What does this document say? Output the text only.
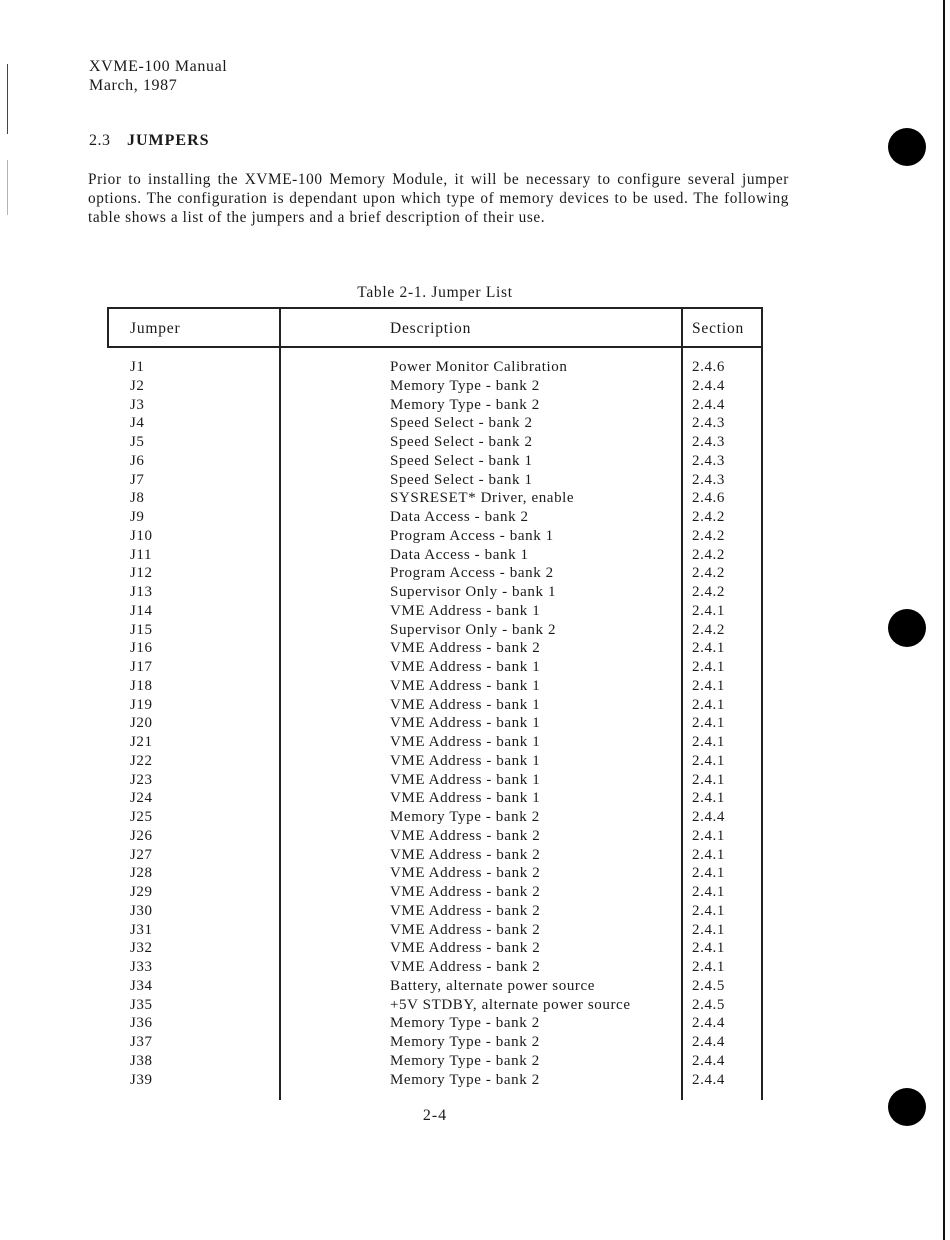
XVME-100 Manual
March, 1987
2.3 JUMPERS

Prior to installing the XVME-100 Memory Module, it will be necessary to configure several jumper options. The configuration is dependant upon which type of memory devices to be used. The following table shows a list of the jumpers and a brief description of their use.

Table 2-1. Jumper List
Jumper	Description	Section
J1	Power Monitor Calibration	2.4.6
J2	Memory Type - bank 2	2.4.4
J3	Memory Type - bank 2	2.4.4
J4	Speed Select - bank 2	2.4.3
J5	Speed Select - bank 2	2.4.3
J6	Speed Select - bank 1	2.4.3
J7	Speed Select - bank 1	2.4.3
J8	SYSRESET* Driver, enable	2.4.6
J9	Data Access - bank 2	2.4.2
J10	Program Access - bank 1	2.4.2
J11	Data Access - bank 1	2.4.2
J12	Program Access - bank 2	2.4.2
J13	Supervisor Only - bank 1	2.4.2
J14	VME Address - bank 1	2.4.1
J15	Supervisor Only - bank 2	2.4.2
J16	VME Address - bank 2	2.4.1
J17	VME Address - bank 1	2.4.1
J18	VME Address - bank 1	2.4.1
J19	VME Address - bank 1	2.4.1
J20	VME Address - bank 1	2.4.1
J21	VME Address - bank 1	2.4.1
J22	VME Address - bank 1	2.4.1
J23	VME Address - bank 1	2.4.1
J24	VME Address - bank 1	2.4.1
J25	Memory Type - bank 2	2.4.4
J26	VME Address - bank 2	2.4.1
J27	VME Address - bank 2	2.4.1
J28	VME Address - bank 2	2.4.1
J29	VME Address - bank 2	2.4.1
J30	VME Address - bank 2	2.4.1
J31	VME Address - bank 2	2.4.1
J32	VME Address - bank 2	2.4.1
J33	VME Address - bank 2	2.4.1
J34	Battery, alternate power source	2.4.5
J35	+5V STDBY, alternate power source	2.4.5
J36	Memory Type - bank 2	2.4.4
J37	Memory Type - bank 2	2.4.4
J38	Memory Type - bank 2	2.4.4
J39	Memory Type - bank 2	2.4.4
2-4
